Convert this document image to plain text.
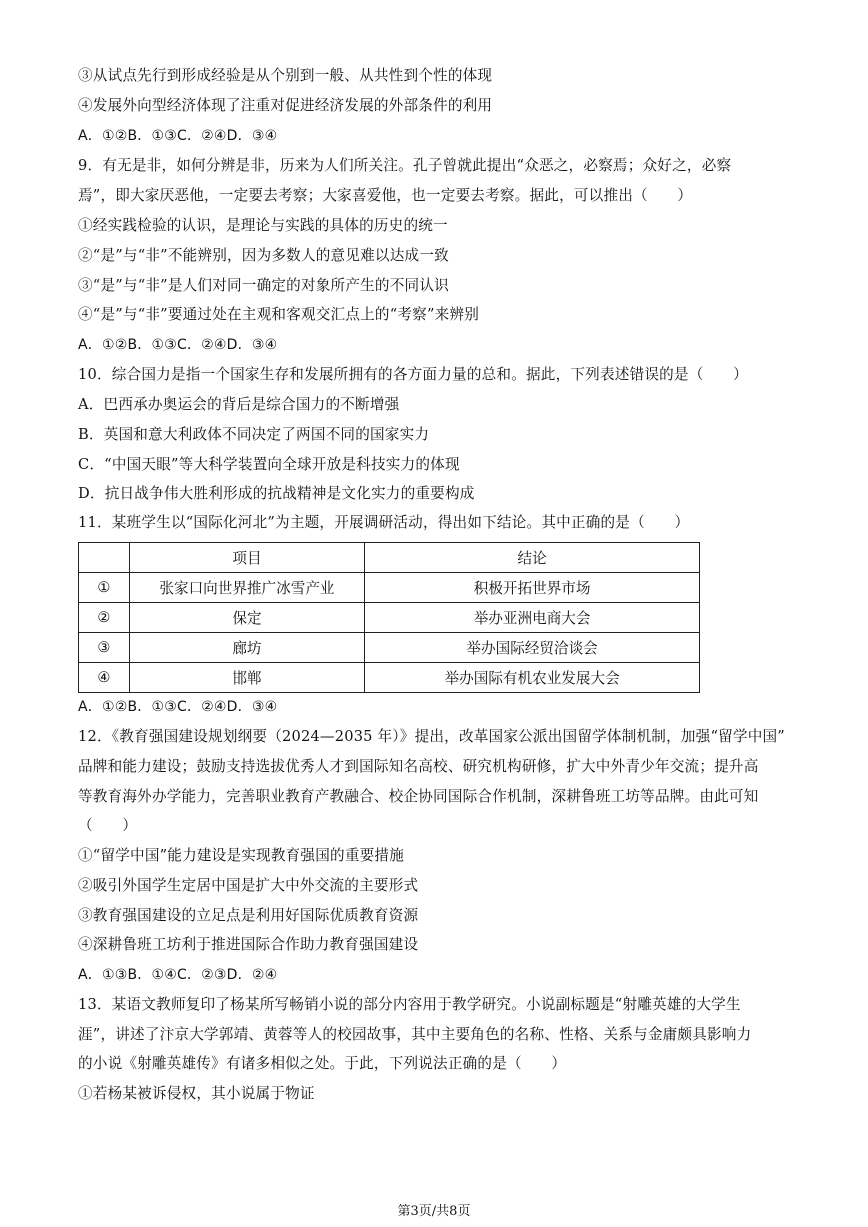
③从试点先行到形成经验是从个别到一般、从共性到个性的体现
④发展外向型经济体现了注重对促进经济发展的外部条件的利用
A．①②B．①③C．②④D．③④
9．有无是非，如何分辨是非，历来为人们所关注。孔子曾就此提出“众恶之，必察焉；众好之，必察
焉”，即大家厌恶他，一定要去考察；大家喜爱他，也一定要去考察。据此，可以推出（　　）
①经实践检验的认识，是理论与实践的具体的历史的统一
②“是”与“非”不能辨别，因为多数人的意见难以达成一致
③“是”与“非”是人们对同一确定的对象所产生的不同认识
④“是”与“非”要通过处在主观和客观交汇点上的“考察”来辨别
A．①②B．①③C．②④D．③④
10．综合国力是指一个国家生存和发展所拥有的各方面力量的总和。据此，下列表述错误的是（　　）
A．巴西承办奥运会的背后是综合国力的不断增强
B．英国和意大利政体不同决定了两国不同的国家实力
C．“中国天眼”等大科学装置向全球开放是科技实力的体现
D．抗日战争伟大胜利形成的抗战精神是文化实力的重要构成
11．某班学生以“国际化河北”为主题，开展调研活动，得出如下结论。其中正确的是（　　）
	项目	结论
①	张家口向世界推广冰雪产业	积极开拓世界市场
②	保定	举办亚洲电商大会
③	廊坊	举办国际经贸洽谈会
④	邯郸	举办国际有机农业发展大会
A．①②B．①③C．②④D．③④
12．《教育强国建设规划纲要（2024—2035 年）》提出，改革国家公派出国留学体制机制，加强“留学中国”
品牌和能力建设；鼓励支持选拔优秀人才到国际知名高校、研究机构研修，扩大中外青少年交流；提升高
等教育海外办学能力，完善职业教育产教融合、校企协同国际合作机制，深耕鲁班工坊等品牌。由此可知
（　　）
①“留学中国”能力建设是实现教育强国的重要措施
②吸引外国学生定居中国是扩大中外交流的主要形式
③教育强国建设的立足点是利用好国际优质教育资源
④深耕鲁班工坊利于推进国际合作助力教育强国建设
A．①③B．①④C．②③D．②④
13．某语文教师复印了杨某所写畅销小说的部分内容用于教学研究。小说副标题是“射雕英雄的大学生
涯”，讲述了汴京大学郭靖、黄蓉等人的校园故事，其中主要角色的名称、性格、关系与金庸颇具影响力
的小说《射雕英雄传》有诸多相似之处。于此，下列说法正确的是（　　）
①若杨某被诉侵权，其小说属于物证
第3页/共8页
